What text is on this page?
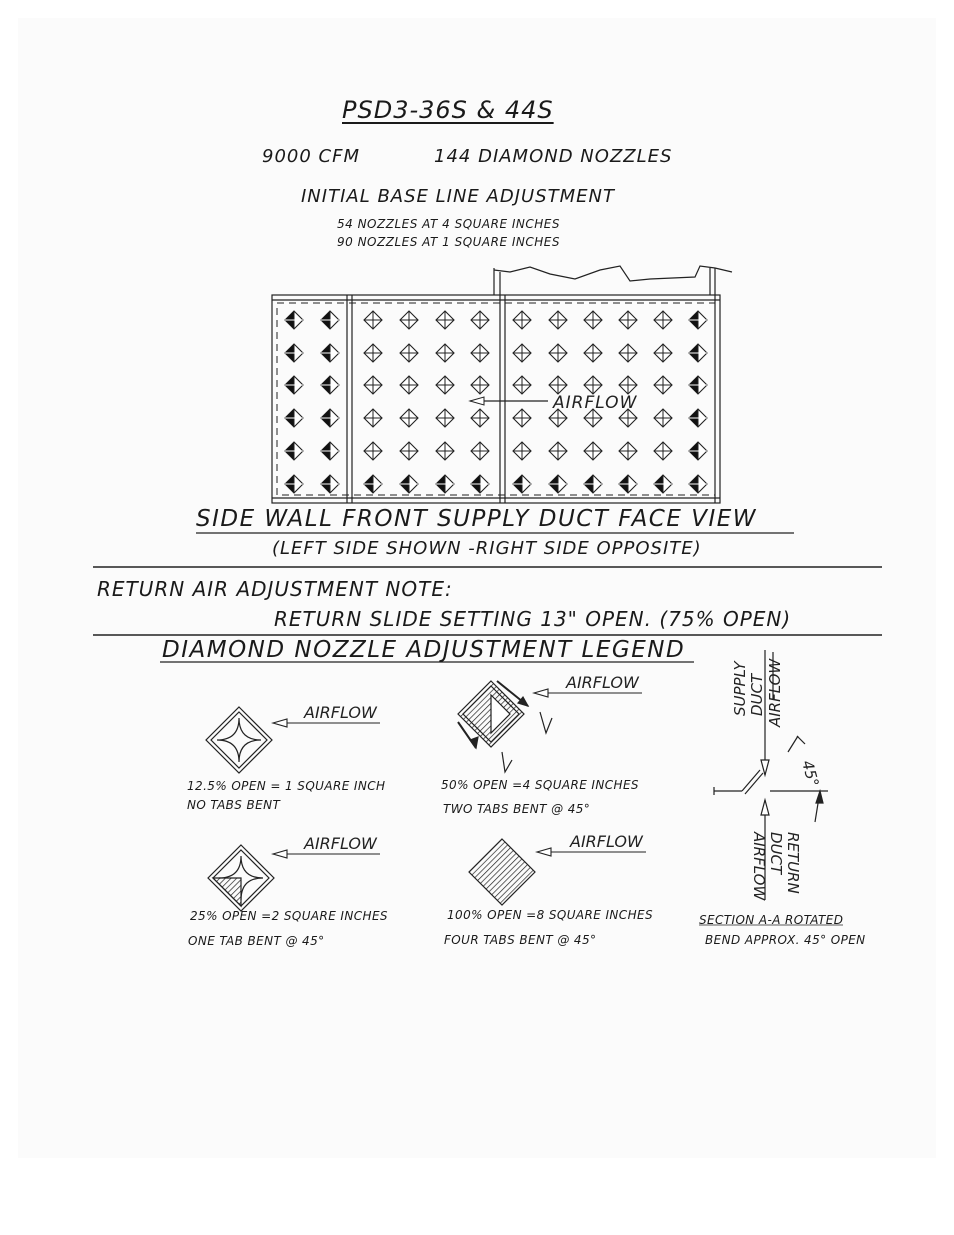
PSD3-36S & 44S
9000 CFM	144 DIAMOND NOZZLES
INITIAL BASE LINE ADJUSTMENT
54 NOZZLES AT 4 SQUARE INCHES
90 NOZZLES AT 1 SQUARE INCHES
AIRFLOW
AIRFLOW
AIRFLOW
AIRFLOW	AIRFLOW
SUPPLY DUCT AIRFLOW
45°
RETURN
DUCT
AIRFLOW
SIDE WALL FRONT SUPPLY DUCT FACE VIEW
(LEFT SIDE SHOWN -RIGHT SIDE OPPOSITE)
RETURN AIR ADJUSTMENT NOTE:
RETURN SLIDE SETTING 13" OPEN. (75% OPEN)
DIAMOND NOZZLE ADJUSTMENT LEGEND
12.5% OPEN = 1 SQUARE INCH
NO TABS BENT
50% OPEN =4 SQUARE INCHES
TWO TABS BENT @ 45°
25% OPEN =2 SQUARE INCHES
ONE TAB BENT @ 45°
100% OPEN =8 SQUARE INCHES
FOUR TABS BENT @ 45°
SECTION A-A ROTATED
BEND APPROX. 45° OPEN
